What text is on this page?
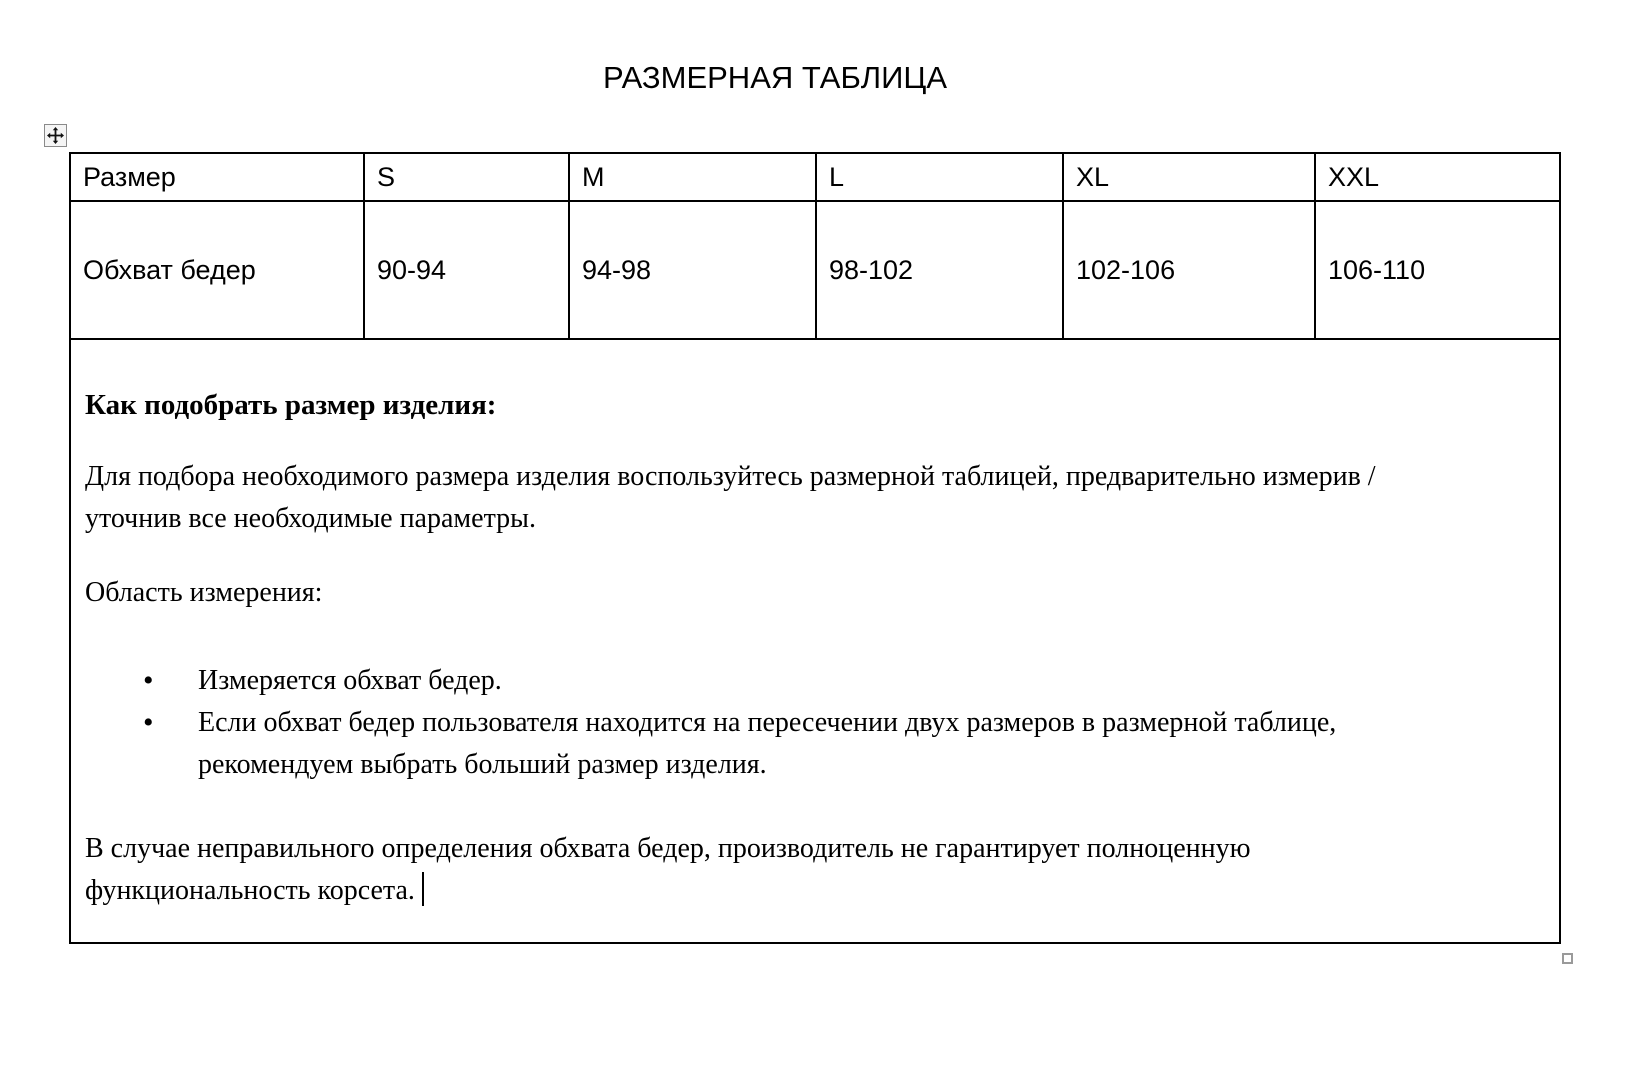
РАЗМЕРНАЯ ТАБЛИЦА
Размер	S	M	L	XL	XXL
Обхват бедер	90-94	94-98	98-102	102-106	106-110

Как подобрать размер изделия:

Для подбора необходимого размера изделия воспользуйтесь размерной таблицей, предварительно измерив / уточнив все необходимые параметры.

Область измерения:

• Измеряется обхват бедер.
• Если обхват бедер пользователя находится на пересечении двух размеров в размерной таблице, рекомендуем выбрать больший размер изделия.

В случае неправильного определения обхвата бедер, производитель не гарантирует полноценную функциональность корсета.
